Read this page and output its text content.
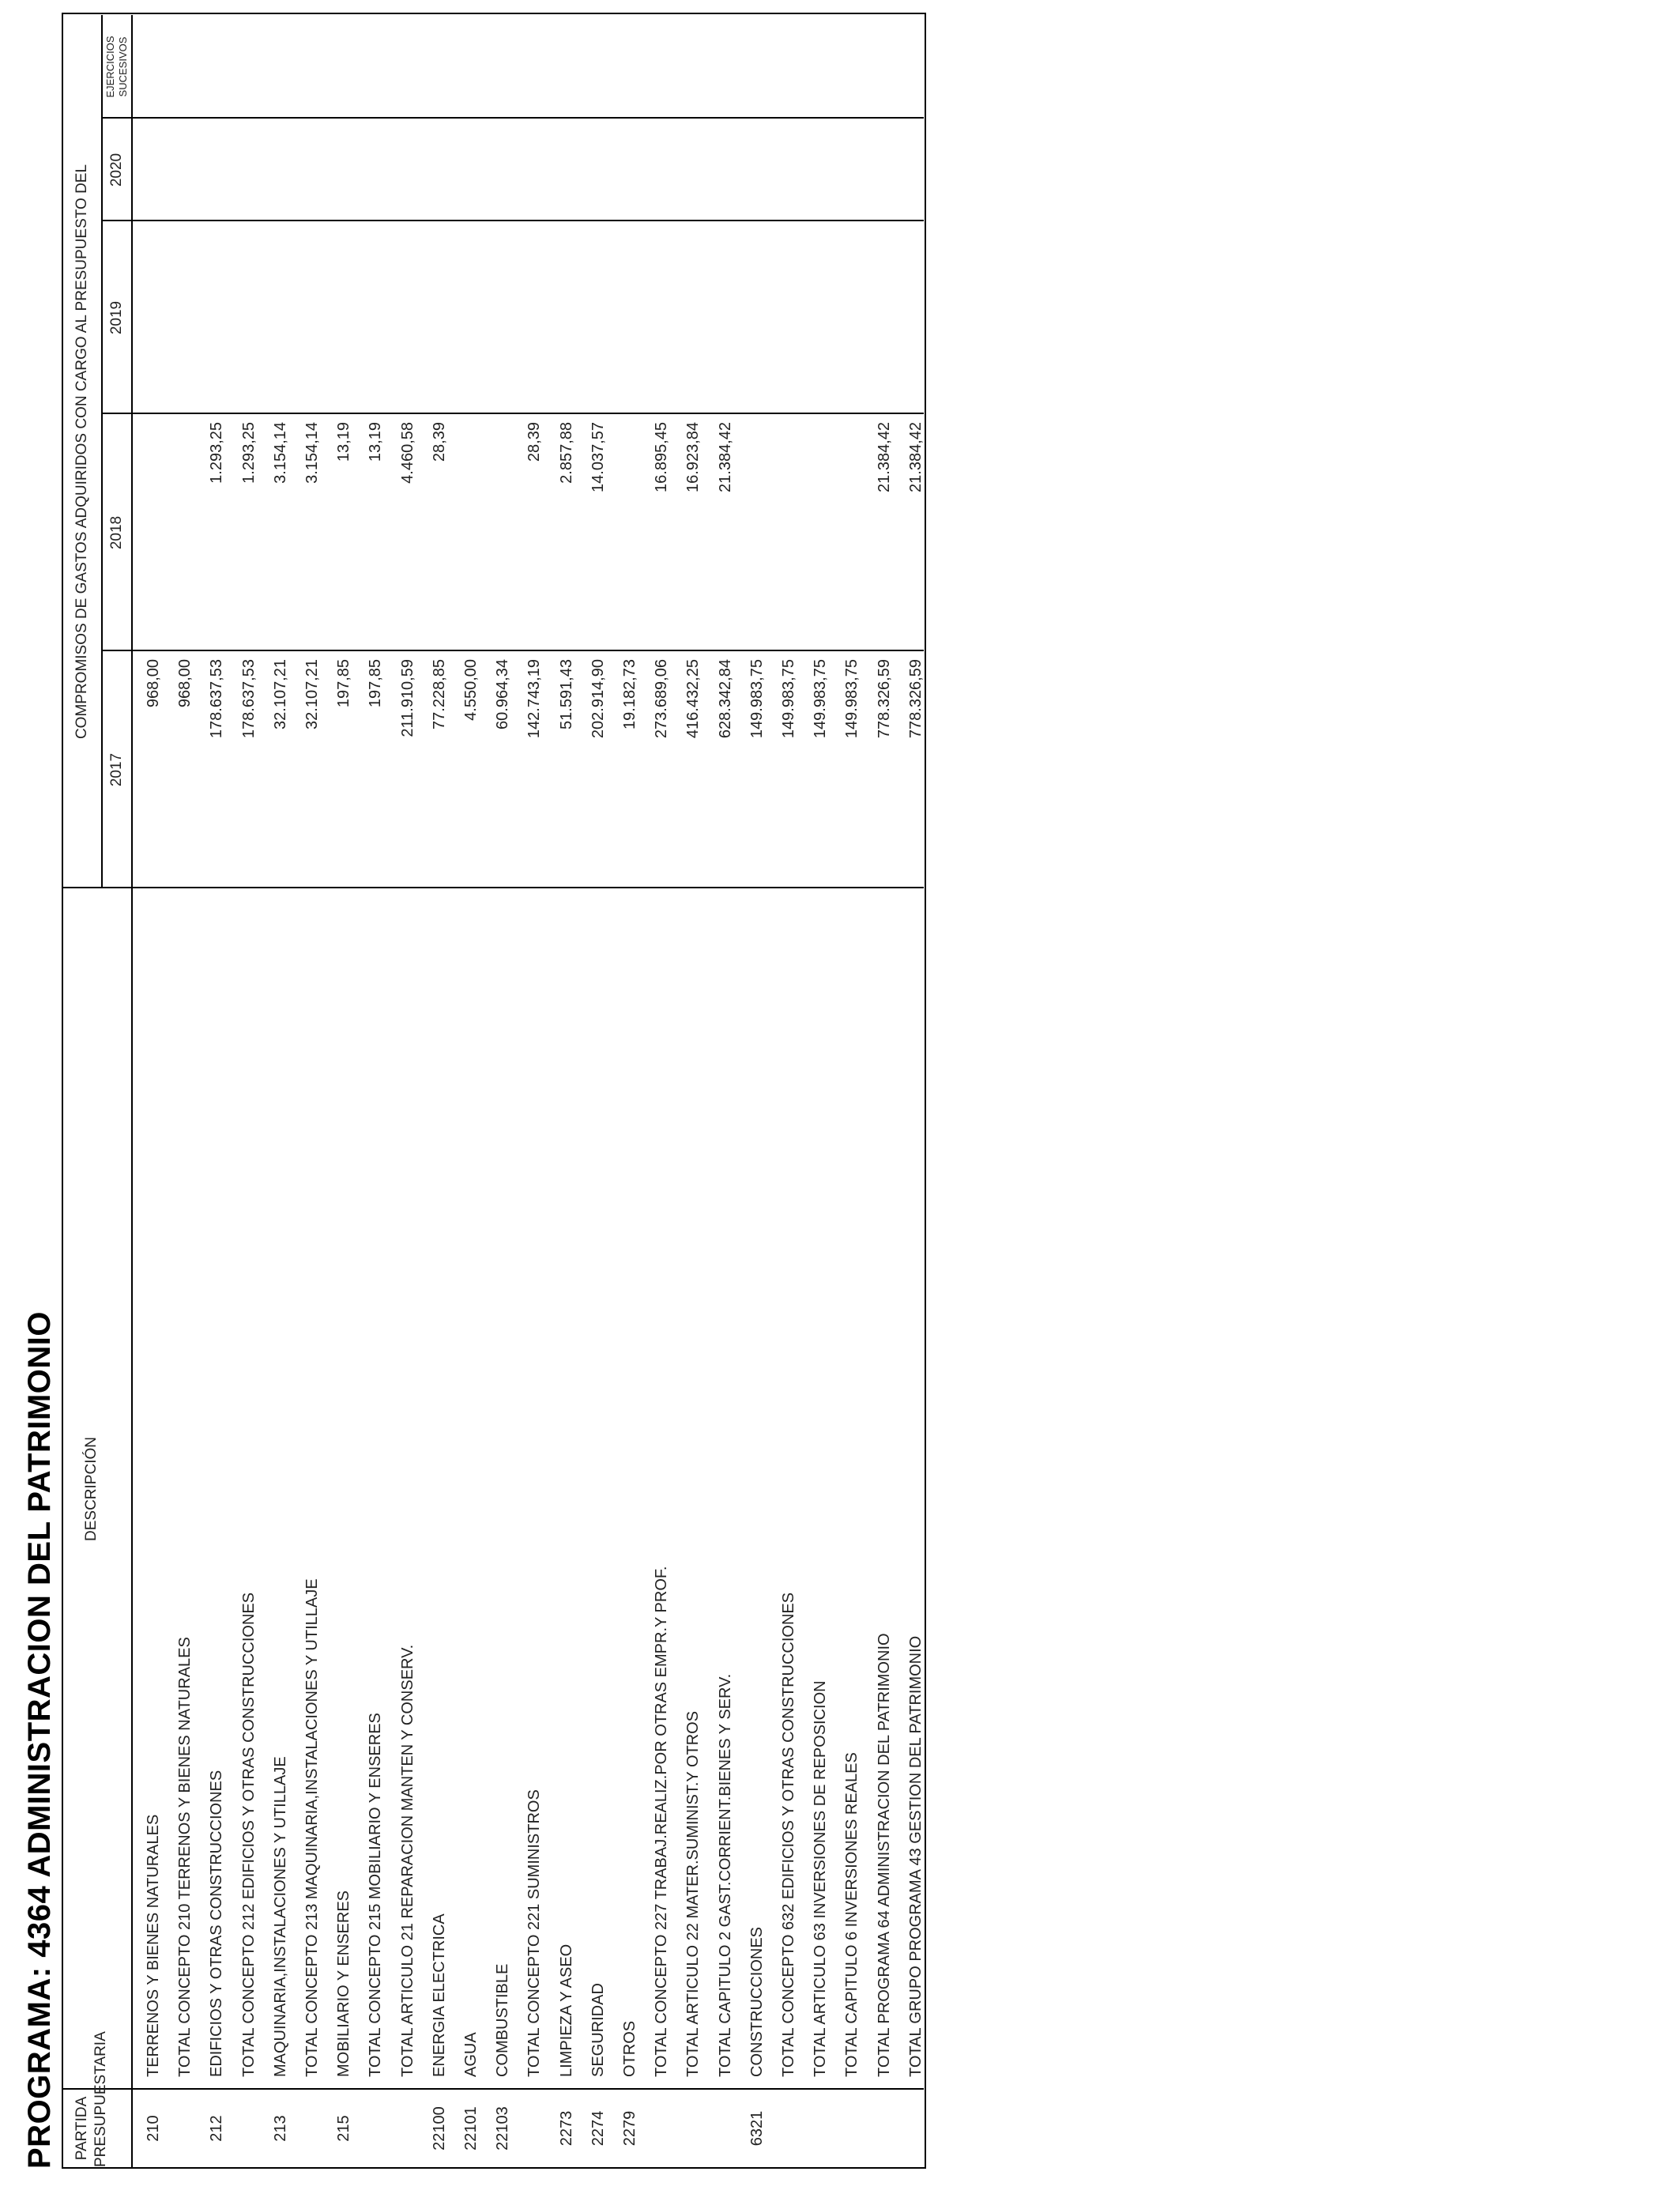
PROGRAMA: 4364 ADMINISTRACION DEL PATRIMONIO PARTIDA PRESUPUESTARIA
DESCRIPCIÓN
COMPROMISOS DE GASTOS ADQUIRIDOS CON CARGO AL PRESUPUESTO DEL
2017
2018
2019
2020
EJERCICIOS SUCESIVOS
210
TERRENOS Y BIENES NATURALES
968,00
TOTAL CONCEPTO 210 TERRENOS Y BIENES NATURALES
968,00
212
EDIFICIOS Y OTRAS CONSTRUCCIONES
178.637,53
1.293,25
TOTAL CONCEPTO 212 EDIFICIOS Y OTRAS CONSTRUCCIONES
178.637,53
1.293,25
213
MAQUINARIA,INSTALACIONES Y UTILLAJE
32.107,21
3.154,14
TOTAL CONCEPTO 213 MAQUINARIA,INSTALACIONES Y UTILLAJE
32.107,21
3.154,14
215
MOBILIARIO Y ENSERES
197,85
13,19
TOTAL CONCEPTO 215 MOBILIARIO Y ENSERES
197,85
13,19
TOTAL ARTICULO 21 REPARACION MANTEN Y CONSERV.
211.910,59
4.460,58
22100
ENERGIA ELECTRICA
77.228,85
28,39
22101
AGUA
4.550,00
22103
COMBUSTIBLE
60.964,34
TOTAL CONCEPTO 221 SUMINISTROS
142.743,19
28,39
2273
LIMPIEZA Y ASEO
51.591,43
2.857,88
2274
SEGURIDAD
202.914,90
14.037,57
2279
OTROS
19.182,73
TOTAL CONCEPTO 227 TRABAJ.REALIZ.POR OTRAS EMPR.Y PROF.
273.689,06
16.895,45
TOTAL ARTICULO 22 MATER.SUMINIST.Y OTROS
416.432,25
16.923,84
TOTAL CAPITULO 2 GAST.CORRIENT.BIENES Y SERV.
628.342,84
21.384,42
6321
CONSTRUCCIONES
149.983,75
TOTAL CONCEPTO 632 EDIFICIOS Y OTRAS CONSTRUCCIONES
149.983,75
TOTAL ARTICULO 63 INVERSIONES DE REPOSICION
149.983,75
TOTAL CAPITULO 6 INVERSIONES REALES
149.983,75
TOTAL PROGRAMA 64 ADMINISTRACION DEL PATRIMONIO
778.326,59
21.384,42
TOTAL GRUPO PROGRAMA 43 GESTION DEL PATRIMONIO
778.326,59
21.384,42
